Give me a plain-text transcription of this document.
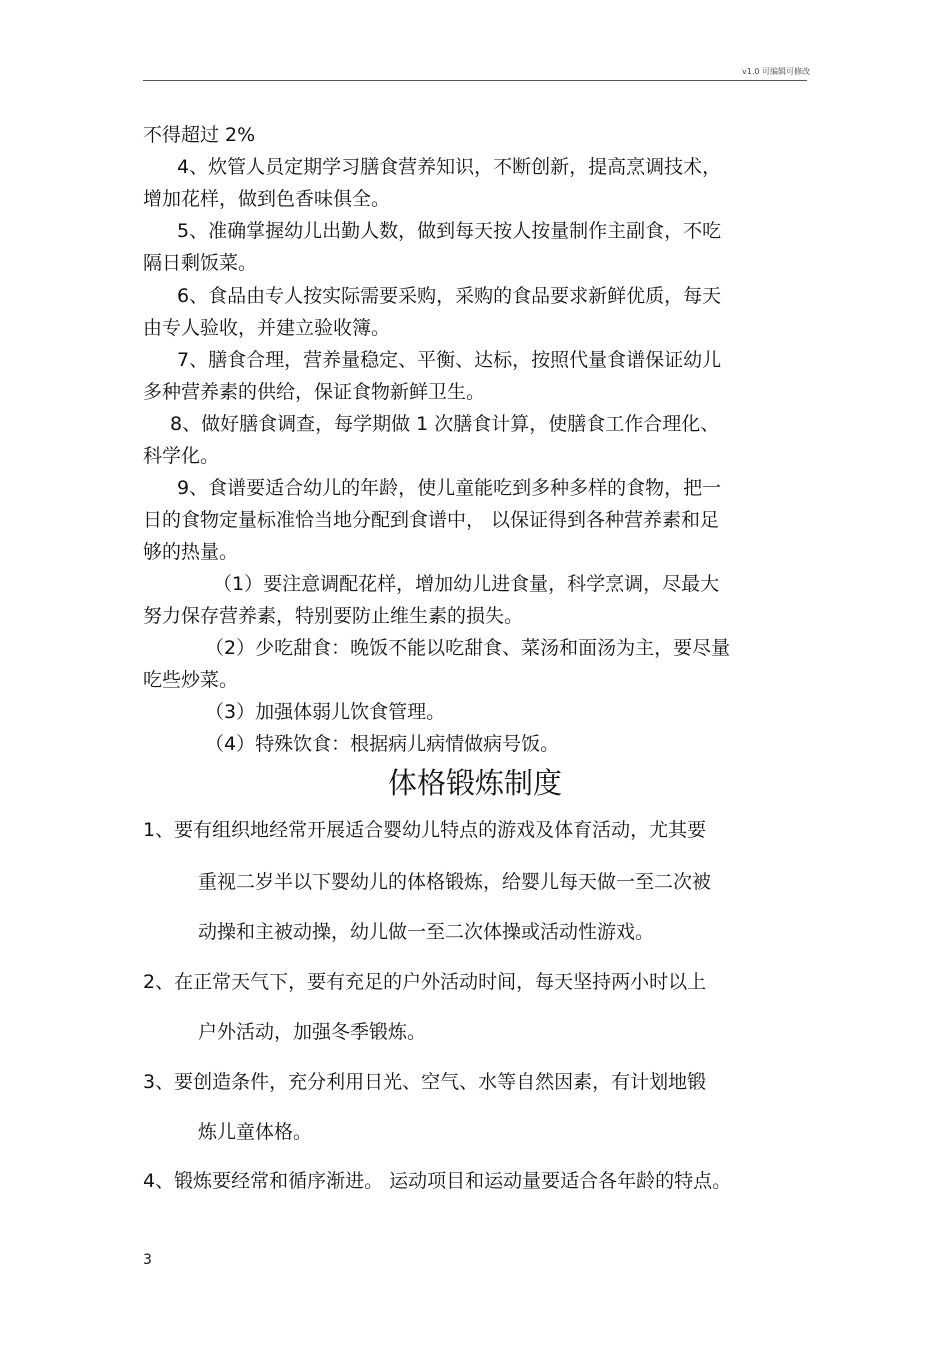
v1.0 可编辑可修改
不得超过 2%
4、炊管人员定期学习膳食营养知识，不断创新，提高烹调技术，
增加花样，做到色香味俱全。
5、准确掌握幼儿出勤人数，做到每天按人按量制作主副食，不吃
隔日剩饭菜。
6、食品由专人按实际需要采购，采购的食品要求新鲜优质，每天
由专人验收，并建立验收簿。
7、膳食合理，营养量稳定、平衡、达标，按照代量食谱保证幼儿
多种营养素的供给，保证食物新鲜卫生。
8、做好膳食调查，每学期做 1 次膳食计算，使膳食工作合理化、
科学化。
9、食谱要适合幼儿的年龄，使儿童能吃到多种多样的食物，把一
日的食物定量标准恰当地分配到食谱中， 以保证得到各种营养素和足
够的热量。
（1）要注意调配花样，增加幼儿进食量，科学烹调，尽最大
努力保存营养素，特别要防止维生素的损失。
（2）少吃甜食：晚饭不能以吃甜食、菜汤和面汤为主，要尽量
吃些炒菜。
（3）加强体弱儿饮食管理。
（4）特殊饮食：根据病儿病情做病号饭。
体格锻炼制度
1、要有组织地经常开展适合婴幼儿特点的游戏及体育活动，尤其要
重视二岁半以下婴幼儿的体格锻炼，给婴儿每天做一至二次被
动操和主被动操，幼儿做一至二次体操或活动性游戏。
2、在正常天气下，要有充足的户外活动时间，每天坚持两小时以上
户外活动，加强冬季锻炼。
3、要创造条件，充分利用日光、空气、水等自然因素，有计划地锻
炼儿童体格。
4、锻炼要经常和循序渐进。 运动项目和运动量要适合各年龄的特点。
3
